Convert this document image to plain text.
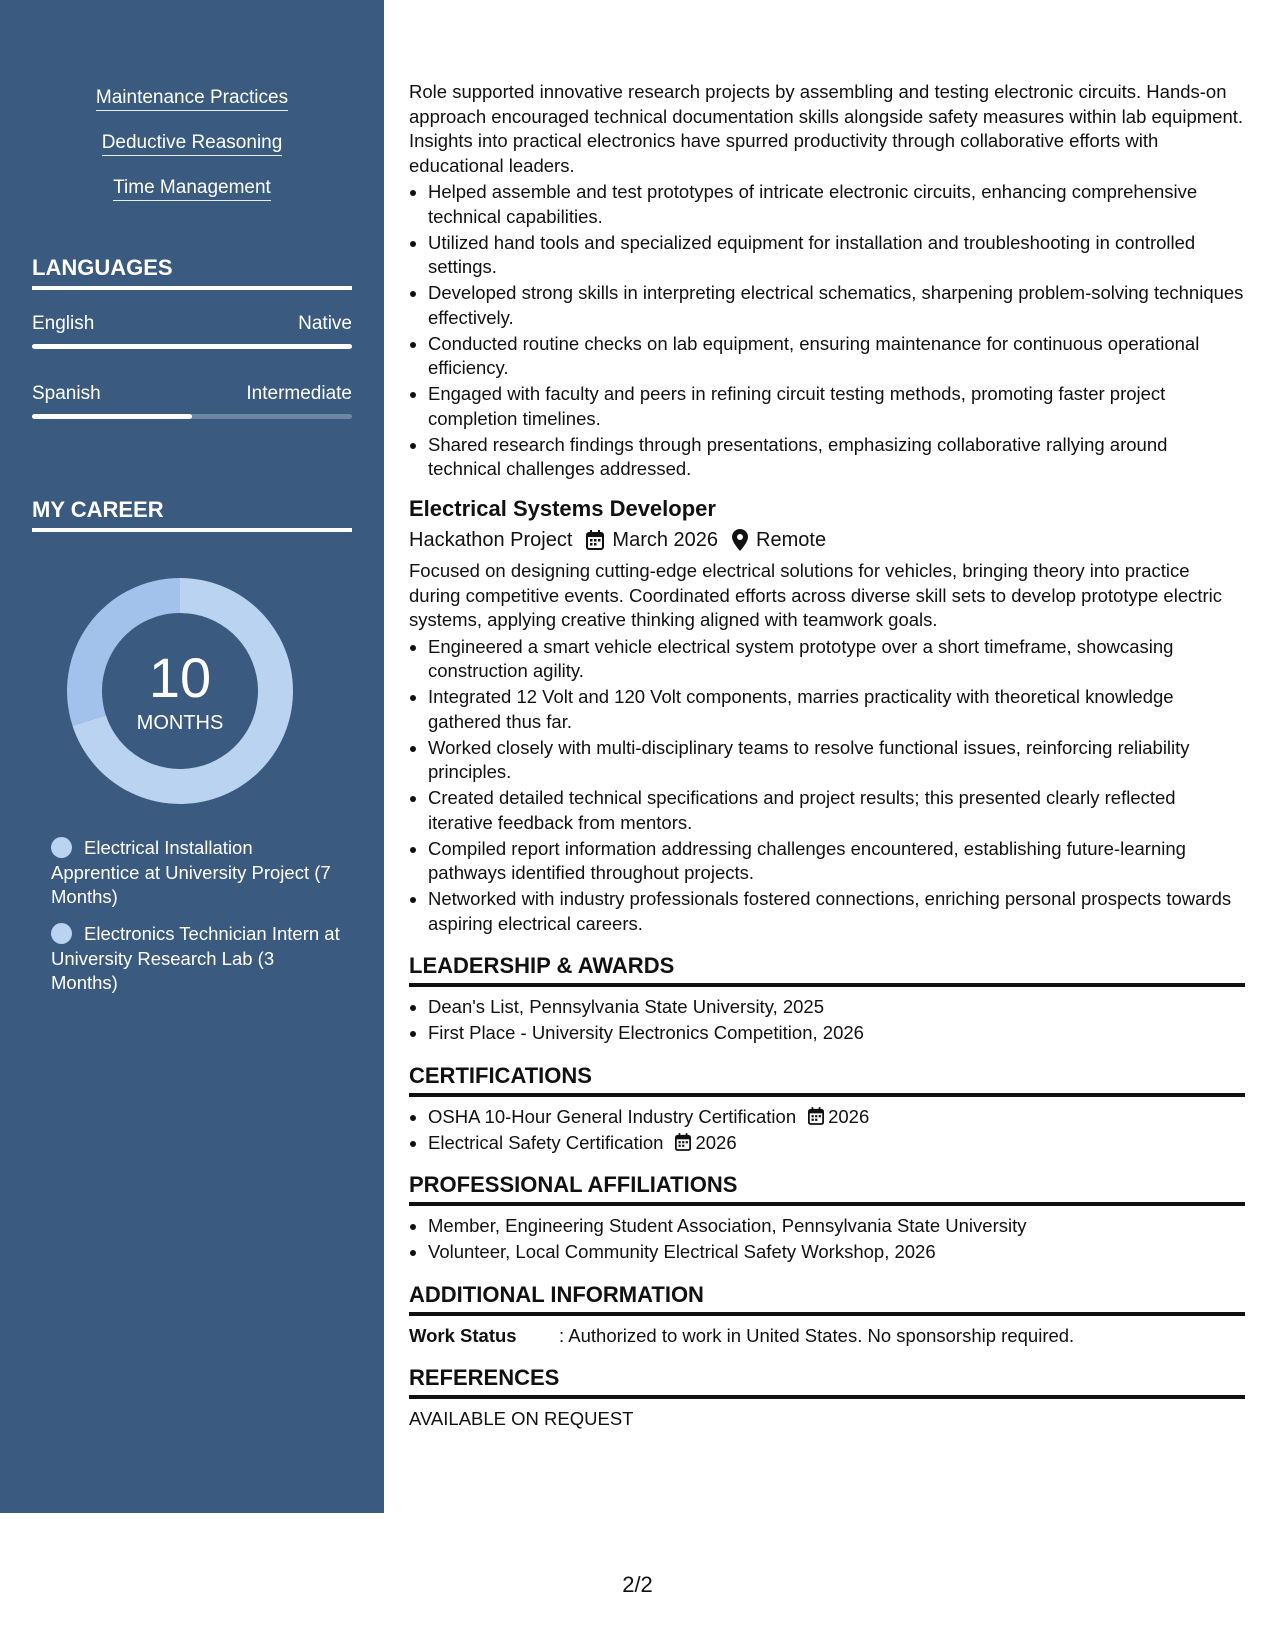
Maintenance Practices
Deductive Reasoning
Time Management
LANGUAGES
English	Native
Spanish	Intermediate
MY CAREER
10
MONTHS
Electrical Installation Apprentice at University Project (7 Months)
Electronics Technician Intern at University Research Lab (3 Months)

Role supported innovative research projects by assembling and testing electronic circuits. Hands-on approach encouraged technical documentation skills alongside safety measures within lab equipment. Insights into practical electronics have spurred productivity through collaborative efforts with educational leaders.

• Helped assemble and test prototypes of intricate electronic circuits, enhancing comprehensive technical capabilities.
• Utilized hand tools and specialized equipment for installation and troubleshooting in controlled settings.
• Developed strong skills in interpreting electrical schematics, sharpening problem-solving techniques effectively.
• Conducted routine checks on lab equipment, ensuring maintenance for continuous operational efficiency.
• Engaged with faculty and peers in refining circuit testing methods, promoting faster project completion timelines.
• Shared research findings through presentations, emphasizing collaborative rallying around technical challenges addressed.
Electrical Systems Developer
Hackathon Project March 2026 Remote

Focused on designing cutting-edge electrical solutions for vehicles, bringing theory into practice during competitive events. Coordinated efforts across diverse skill sets to develop prototype electric systems, applying creative thinking aligned with teamwork goals.

• Engineered a smart vehicle electrical system prototype over a short timeframe, showcasing construction agility.
• Integrated 12 Volt and 120 Volt components, marries practicality with theoretical knowledge gathered thus far.
• Worked closely with multi-disciplinary teams to resolve functional issues, reinforcing reliability principles.
• Created detailed technical specifications and project results; this presented clearly reflected iterative feedback from mentors.
• Compiled report information addressing challenges encountered, establishing future-learning pathways identified throughout projects.
• Networked with industry professionals fostered connections, enriching personal prospects towards aspiring electrical careers.
LEADERSHIP & AWARDS
• Dean's List, Pennsylvania State University, 2025
• First Place - University Electronics Competition, 2026
CERTIFICATIONS
• OSHA 10-Hour General Industry Certification 2026
• Electrical Safety Certification 2026
PROFESSIONAL AFFILIATIONS
• Member, Engineering Student Association, Pennsylvania State University
• Volunteer, Local Community Electrical Safety Workshop, 2026
ADDITIONAL INFORMATION
Work Status	: Authorized to work in United States. No sponsorship required.
REFERENCES
AVAILABLE ON REQUEST
2/2
